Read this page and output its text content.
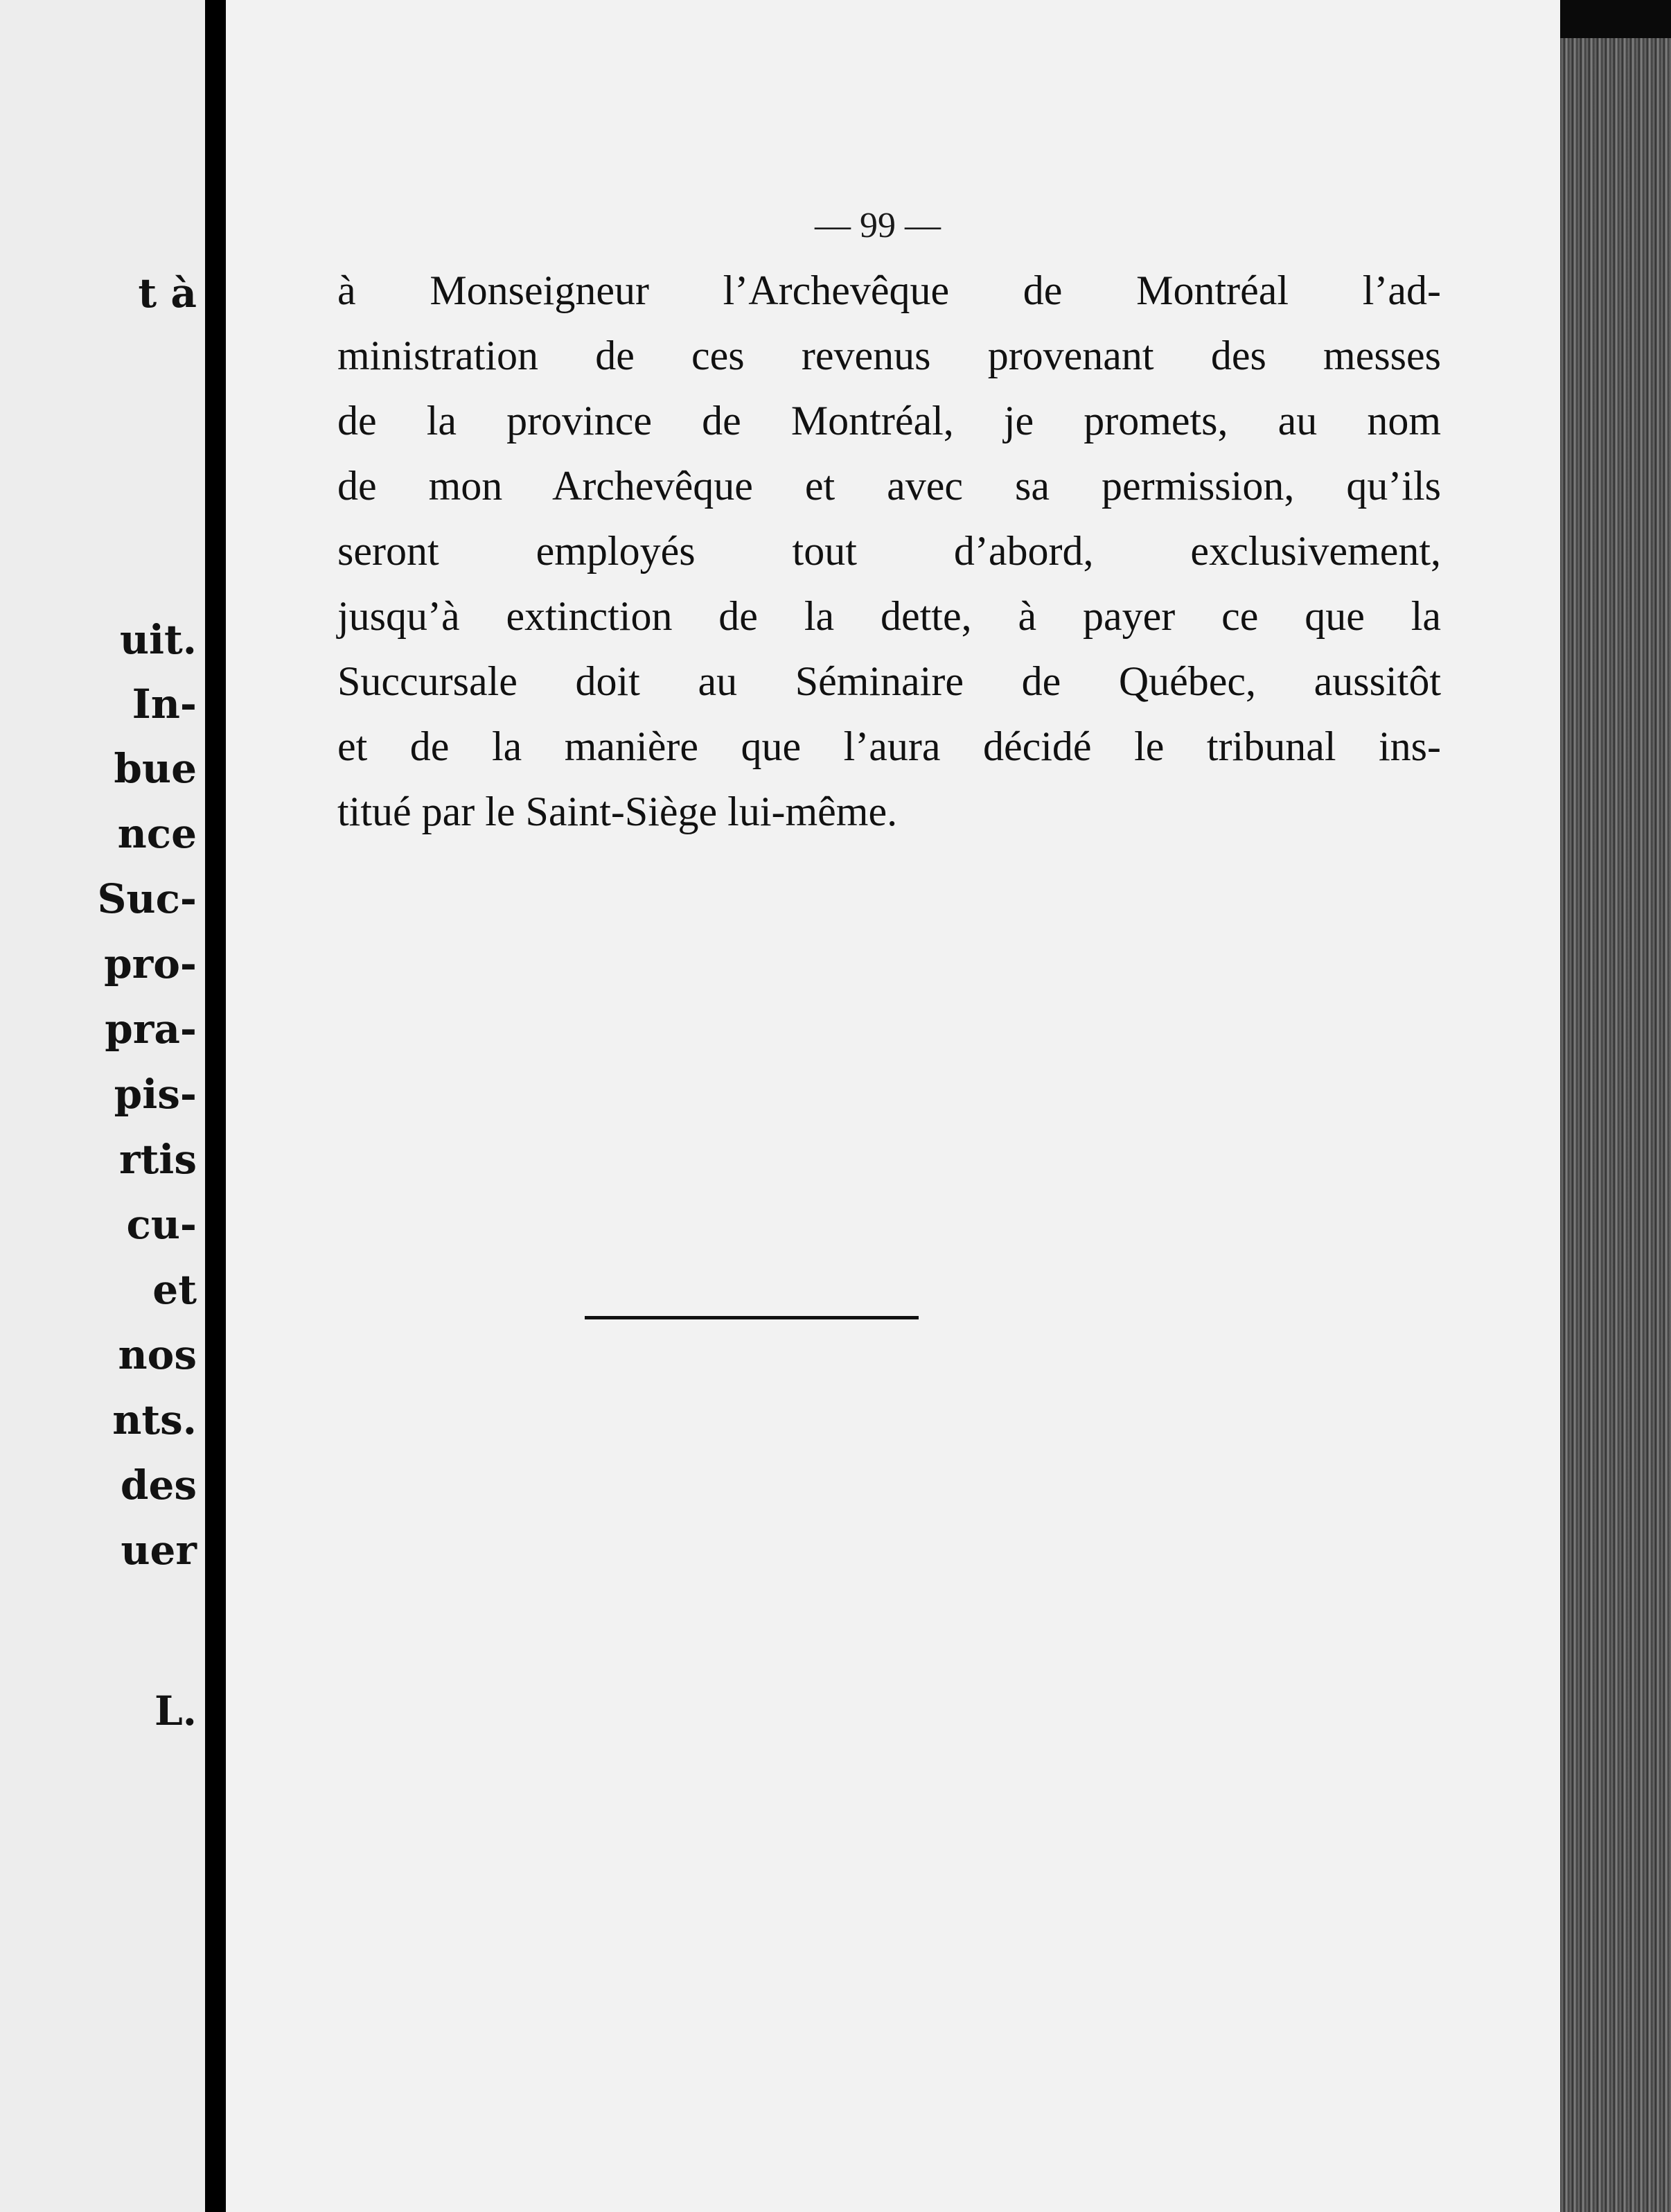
t à
uit.
In-
bue
nce
Suc-
pro-
pra-
pis-
rtis
cu-
et
nos
nts.
des
uer
L.
— 99 —
à Monseigneur l’Archevêque de Montréal l’ad-
ministration de ces revenus provenant des messes
de la province de Montréal, je promets, au nom
de mon Archevêque et avec sa permission, qu’ils
seront employés tout d’abord, exclusivement,
jusqu’à extinction de la dette, à payer ce que la
Succursale doit au Séminaire de Québec, aussitôt
et de la manière que l’aura décidé le tribunal ins-
titué par le Saint-Siège lui-même.
